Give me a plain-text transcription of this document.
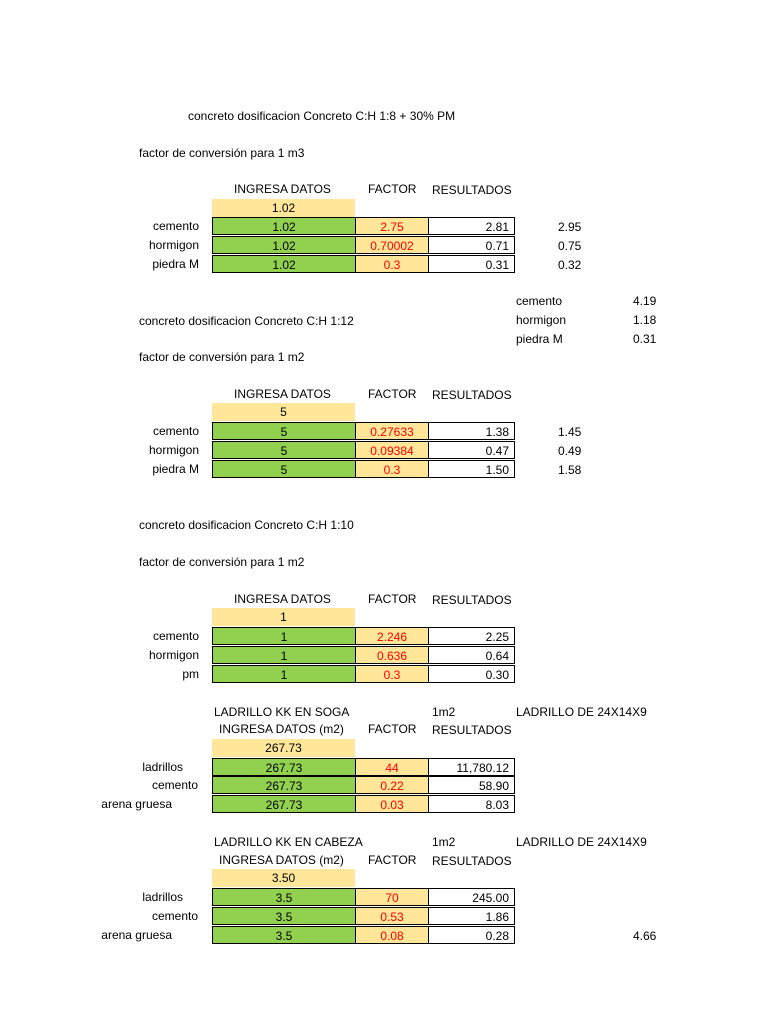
concreto dosificacion Concreto C:H 1:8 + 30% PM
factor de conversión para 1 m3
INGRESA DATOS	FACTOR RESULTADOS
1.02
cemento	1.02	2.75	2.81	2.95
hormigon	1.02	0.70002	0.71	0.75
piedra M	1.02	0.3	0.31	0.32
cemento	4.19
hormigon	1.18
piedra M	0.31
concreto dosificacion Concreto C:H 1:12
factor de conversión para 1 m2
INGRESA DATOS	FACTOR RESULTADOS
5
cemento	5	0.27633	1.38	1.45
hormigon	5	0.09384	0.47	0.49
piedra M	5	0.3	1.50	1.58
concreto dosificacion Concreto C:H 1:10
factor de conversión para 1 m2
INGRESA DATOS	FACTOR RESULTADOS
1
cemento	1	2.246	2.25
hormigon	1	0.636	0.64
pm	1	0.3	0.30
LADRILLO KK EN SOGA	1m2	LADRILLO DE 24X14X9
INGRESA DATOS (m2) FACTOR RESULTADOS
267.73
ladrillos	267.73	44	11,780.12
cemento	267.73	0.22	58.90
arena gruesa	267.73	0.03	8.03
LADRILLO KK EN CABEZA	1m2	LADRILLO DE 24X14X9
INGRESA DATOS (m2) FACTOR RESULTADOS
3.50
ladrillos	3.5	70	245.00
cemento	3.5	0.53	1.86
arena gruesa	3.5	0.08	0.28	4.66
